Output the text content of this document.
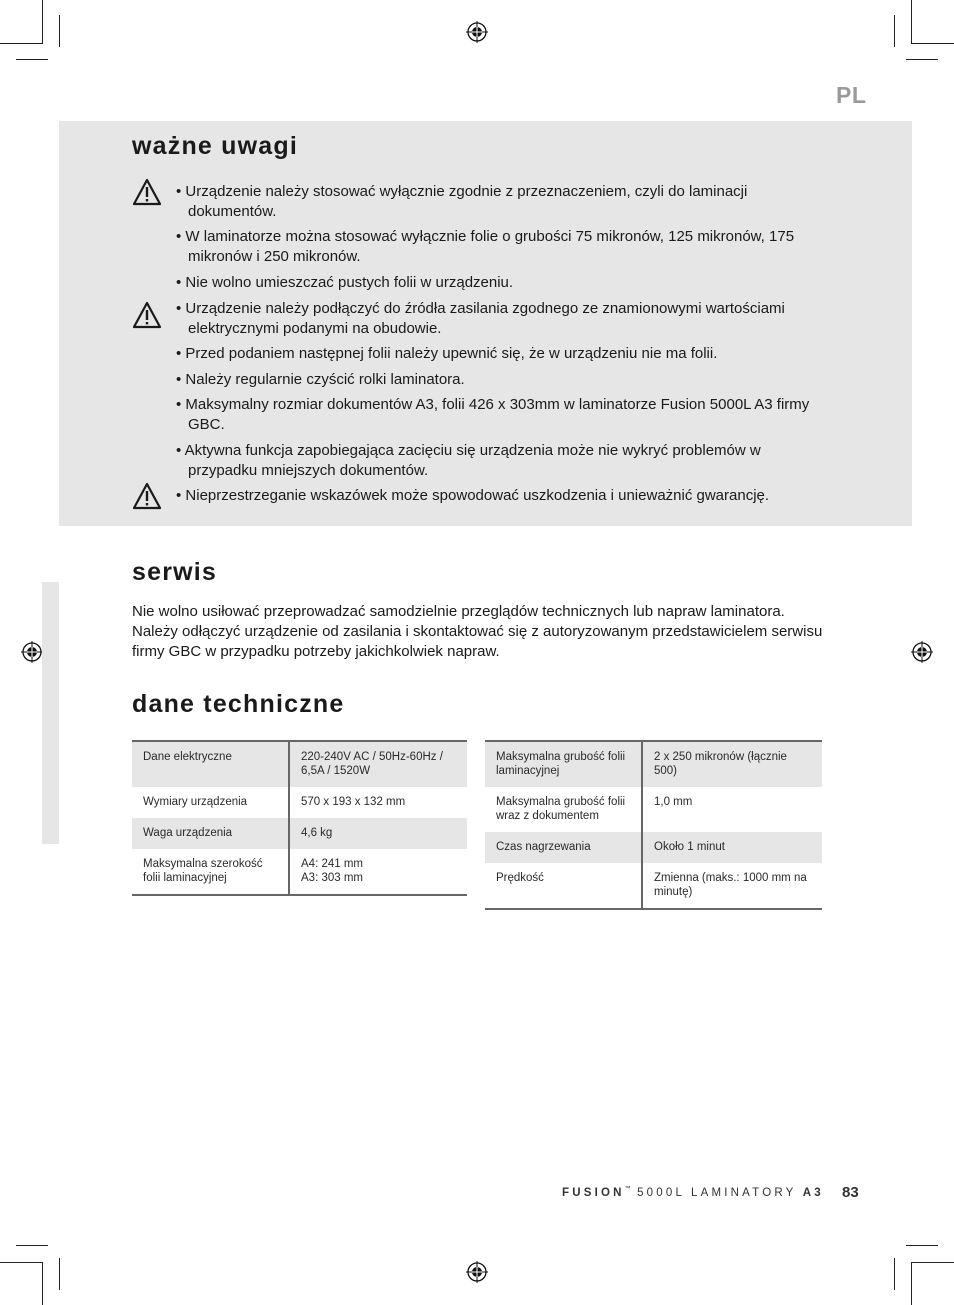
PL
ważne uwagi
• Urządzenie należy stosować wyłącznie zgodnie z przeznaczeniem, czyli do laminacji dokumentów.
• W laminatorze można stosować wyłącznie folie o grubości 75 mikronów, 125 mikronów, 175 mikronów i 250 mikronów.
• Nie wolno umieszczać pustych folii w urządzeniu.
• Urządzenie należy podłączyć do źródła zasilania zgodnego ze znamionowymi wartościami elektrycznymi podanymi na obudowie.
• Przed podaniem następnej folii należy upewnić się, że w urządzeniu nie ma folii.
• Należy regularnie czyścić rolki laminatora.
• Maksymalny rozmiar dokumentów A3, folii 426 x 303mm w laminatorze Fusion 5000L A3 firmy GBC.
• Aktywna funkcja zapobiegająca zacięciu się urządzenia może nie wykryć problemów w przypadku mniejszych dokumentów.
• Nieprzestrzeganie wskazówek może spowodować uszkodzenia i unieważnić gwarancję.
serwis

Nie wolno usiłować przeprowadzać samodzielnie przeglądów technicznych lub napraw laminatora. Należy odłączyć urządzenie od zasilania i skontaktować się z autoryzowanym przedstawicielem serwisu firmy GBC w przypadku potrzeby jakichkolwiek napraw.

dane techniczne
Dane elektryczne	220-240V AC / 50Hz-60Hz / 6,5A / 1520W
Wymiary urządzenia	570 x 193 x 132 mm
Waga urządzenia	4,6 kg
Maksymalna szerokość folii laminacyjnej	A4: 241 mm
A3: 303 mm
Maksymalna grubość folii laminacyjnej	2 x 250 mikronów (łącznie 500)
Maksymalna grubość folii wraz z dokumentem	1,0 mm
Czas nagrzewania	Około 1 minut
Prędkość	Zmienna (maks.: 1000 mm na minutę)
FUSION™ 5000L LAMINATORY A3 83
